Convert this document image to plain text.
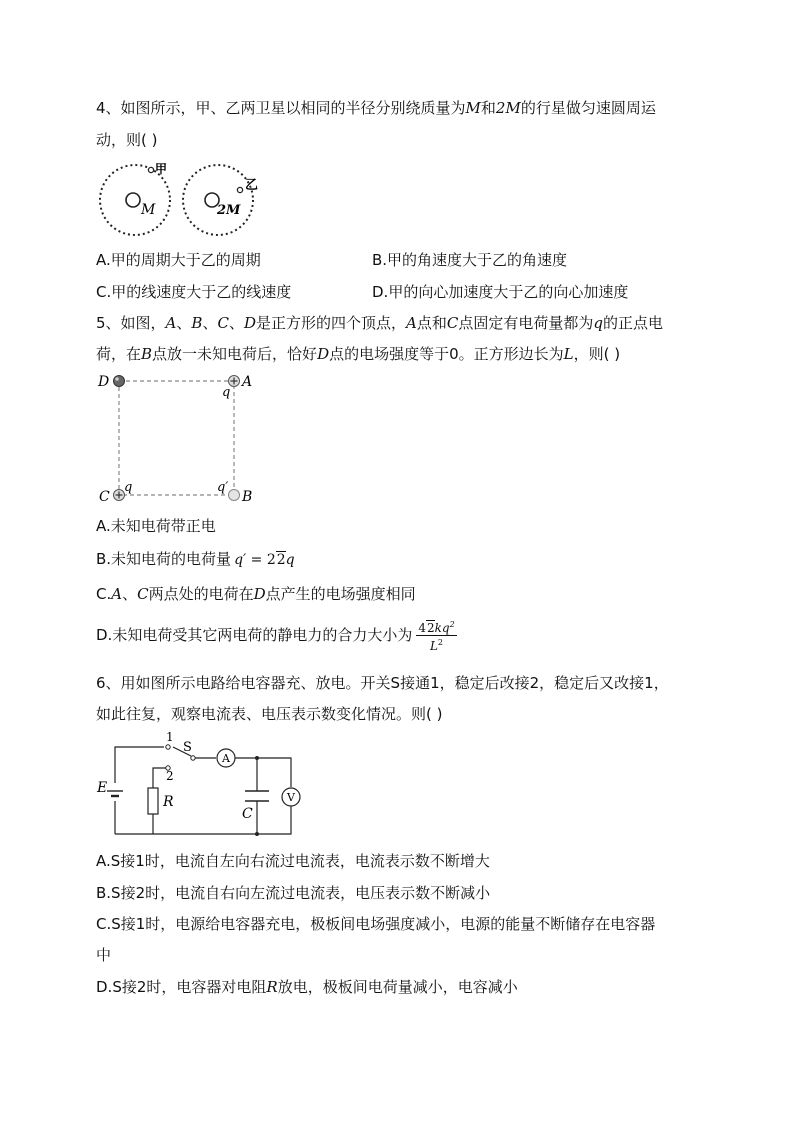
4、如图所示，甲、乙两卫星以相同的半径分别绕质量为M和2M的行星做匀速圆周运
动，则( )
M
甲
2M
乙
A.甲的周期大于乙的周期	B.甲的角速度大于乙的角速度
C.甲的线速度大于乙的线速度	D.甲的向心加速度大于乙的向心加速度
5、如图，A、B、C、D是正方形的四个顶点，A点和C点固定有电荷量都为q的正点电
荷，在B点放一未知电荷后，恰好D点的电场强度等于0。正方形边长为L，则( )
D	A
q
C
q
B
q′
A.未知电荷带正电
B.未知电荷的电荷量 q′ = 22q
C.A、C两点处的电荷在D点产生的电场强度相同
D.未知电荷受其它两电荷的静电力的合力大小为 $\frac{42kq^2}{L^2}$
6、用如图所示电路给电容器充、放电。开关S接通1，稳定后改接2，稳定后又改接1，
如此往复，观察电流表、电压表示数变化情况。则( )
1
2
S
A
V
E
R
C
A.S接1时，电流自左向右流过电流表，电流表示数不断增大
B.S接2时，电流自右向左流过电流表，电压表示数不断减小
C.S接1时，电源给电容器充电，极板间电场强度减小，电源的能量不断储存在电容器
中
D.S接2时，电容器对电阻R放电，极板间电荷量减小，电容减小
